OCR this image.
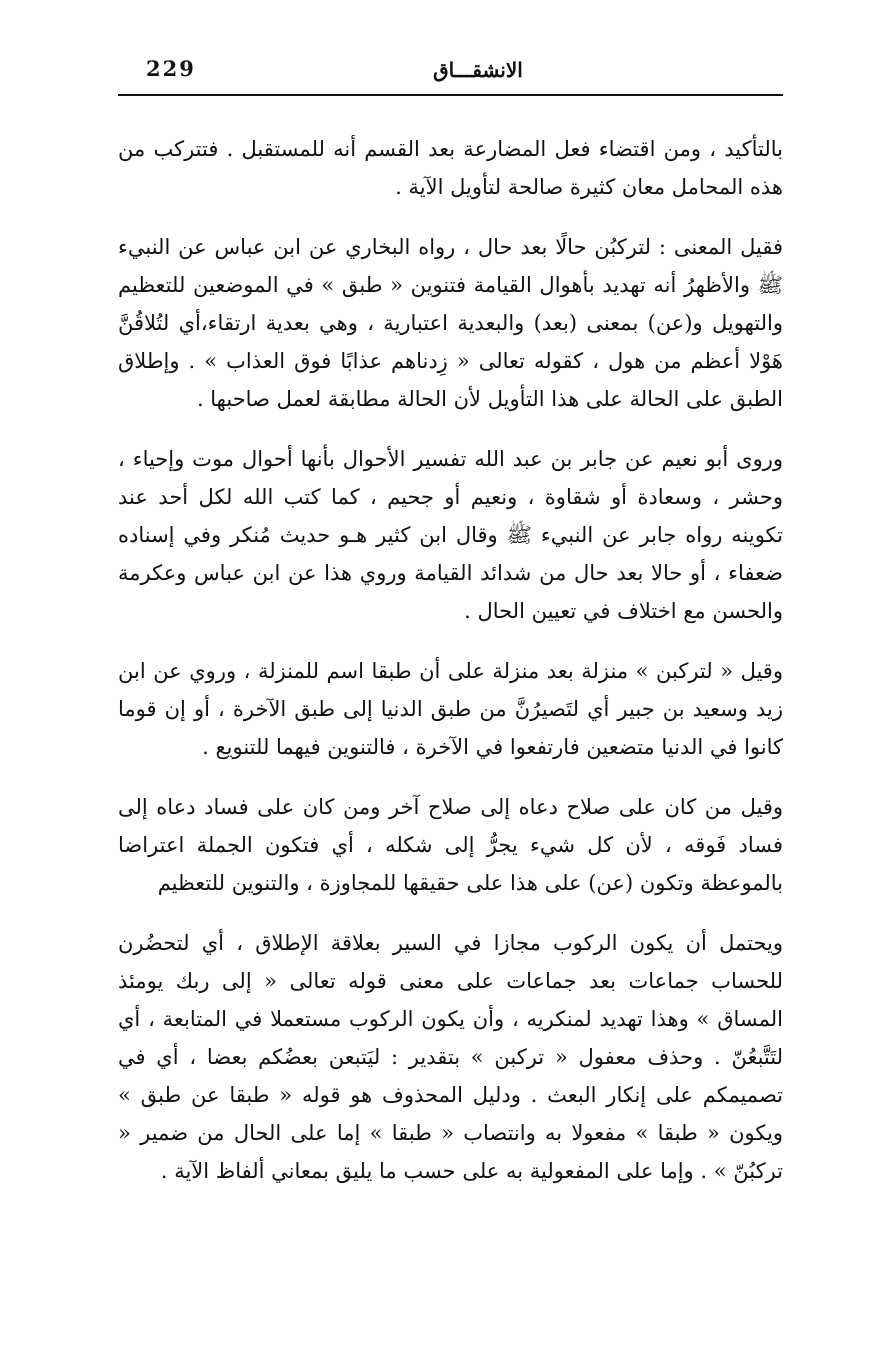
229	الانشقـــاق

بالتأكيد ، ومن اقتضاء فعل المضارعة بعد القسم أنه للمستقبل . فتتركب من هذه المحامل معان كثيرة صالحة لتأويل الآية .

فقيل المعنى : لتركبُن حالًا بعد حال ، رواه البخاري عن ابن عباس عن النبيء ﷺ والأظهرُ أنه تهديد بأهوال القيامة فتنوين « طبق » في الموضعين للتعظيم والتهويل و(عن) بمعنى (بعد) والبعدية اعتبارية ، وهي بعدية ارتقاء،أي لتُلاقُنَّ هَوْلا أعظم من هول ، كقوله تعالى « زِدناهم عذابًا فوق العذاب » . وإطلاق الطبق على الحالة على هذا التأويل لأن الحالة مطابقة لعمل صاحبها .

وروى أبو نعيم عن جابر بن عبد الله تفسير الأحوال بأنها أحوال موت وإحياء ، وحشر ، وسعادة أو شقاوة ، ونعيم أو جحيم ، كما كتب الله لكل أحد عند تكوينه رواه جابر عن النبيء ﷺ وقال ابن كثير هـو حديث مُنكر وفي إسناده ضعفاء ، أو حالا بعد حال من شدائد القيامة وروي هذا عن ابن عباس وعكرمة والحسن مع اختلاف في تعيين الحال .

وقيل « لتركبن » منزلة بعد منزلة على أن طبقا اسم للمنزلة ، وروي عن ابن زيد وسعيد بن جبير أي لتَصيرُنَّ من طبق الدنيا إلى طبق الآخرة ، أو إن قوما كانوا في الدنيا متضعين فارتفعوا في الآخرة ، فالتنوين فيهما للتنويع .

وقيل من كان على صلاح دعاه إلى صلاح آخر ومن كان على فساد دعاه إلى فساد فَوقه ، لأن كل شيء يجرُّ إلى شكله ، أي فتكون الجملة اعتراضا بالموعظة وتكون (عن) على هذا على حقيقها للمجاوزة ، والتنوين للتعظيم

ويحتمل أن يكون الركوب مجازا في السير بعلاقة الإطلاق ، أي لتحضُرن للحساب جماعات بعد جماعات على معنى قوله تعالى « إلى ربك يومئذ المساق » وهذا تهديد لمنكريه ، وأن يكون الركوب مستعملا في المتابعة ، أي لتَتَّبعُنّ . وحذف معفول « تركبن » بتقدير : ليَتبعن بعضُكم بعضا ، أي في تصميمكم على إنكار البعث . ودليل المحذوف هو قوله « طبقا عن طبق » ويكون « طبقا » مفعولا به وانتصاب « طبقا » إما على الحال من ضمير « تركبُنّ » . وإما على المفعولية به على حسب ما يليق بمعاني ألفاظ الآية .
